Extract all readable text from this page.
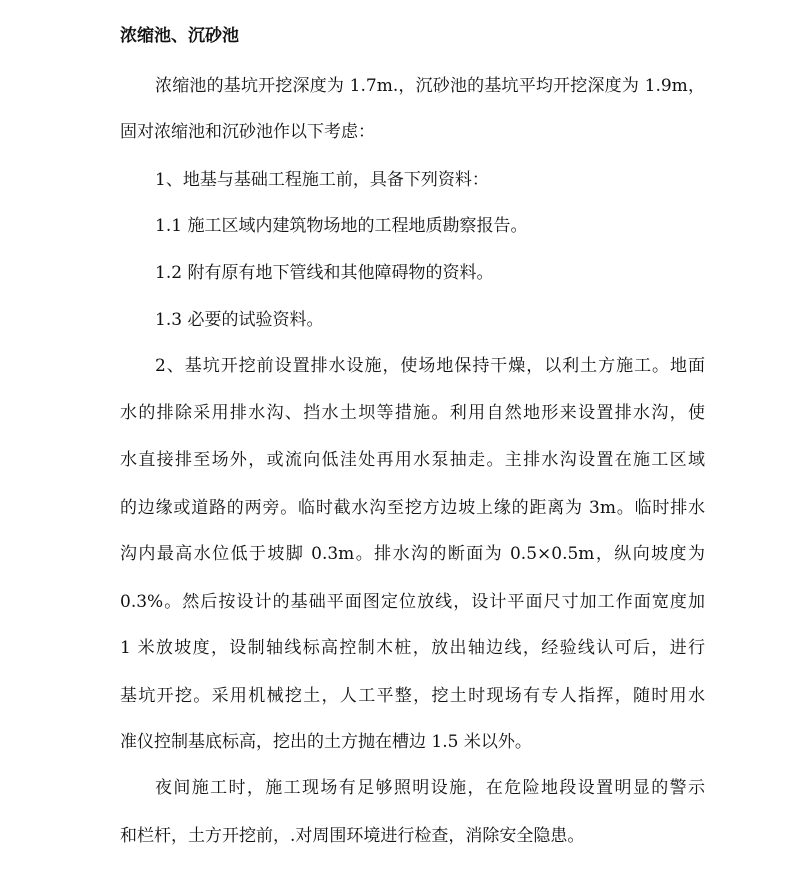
浓缩池、沉砂池
浓缩池的基坑开挖深度为 1.7m.，沉砂池的基坑平均开挖深度为 1.9m，
固对浓缩池和沉砂池作以下考虑：
1、地基与基础工程施工前，具备下列资料：
1.1 施工区域内建筑物场地的工程地质勘察报告。
1.2 附有原有地下管线和其他障碍物的资料。
1.3 必要的试验资料。
2、基坑开挖前设置排水设施，使场地保持干燥，以利土方施工。地面
水的排除采用排水沟、挡水土坝等措施。利用自然地形来设置排水沟，使
水直接排至场外，或流向低洼处再用水泵抽走。主排水沟设置在施工区域
的边缘或道路的两旁。临时截水沟至挖方边坡上缘的距离为 3m。临时排水
沟内最高水位低于坡脚 0.3m。排水沟的断面为 0.5×0.5m，纵向坡度为
0.3%。然后按设计的基础平面图定位放线，设计平面尺寸加工作面宽度加
1 米放坡度，设制轴线标高控制木桩，放出轴边线，经验线认可后，进行
基坑开挖。采用机械挖土，人工平整，挖土时现场有专人指挥，随时用水
准仪控制基底标高，挖出的土方抛在槽边 1.5 米以外。
夜间施工时，施工现场有足够照明设施，在危险地段设置明显的警示
和栏杆，土方开挖前，.对周围环境进行检查，消除安全隐患。
